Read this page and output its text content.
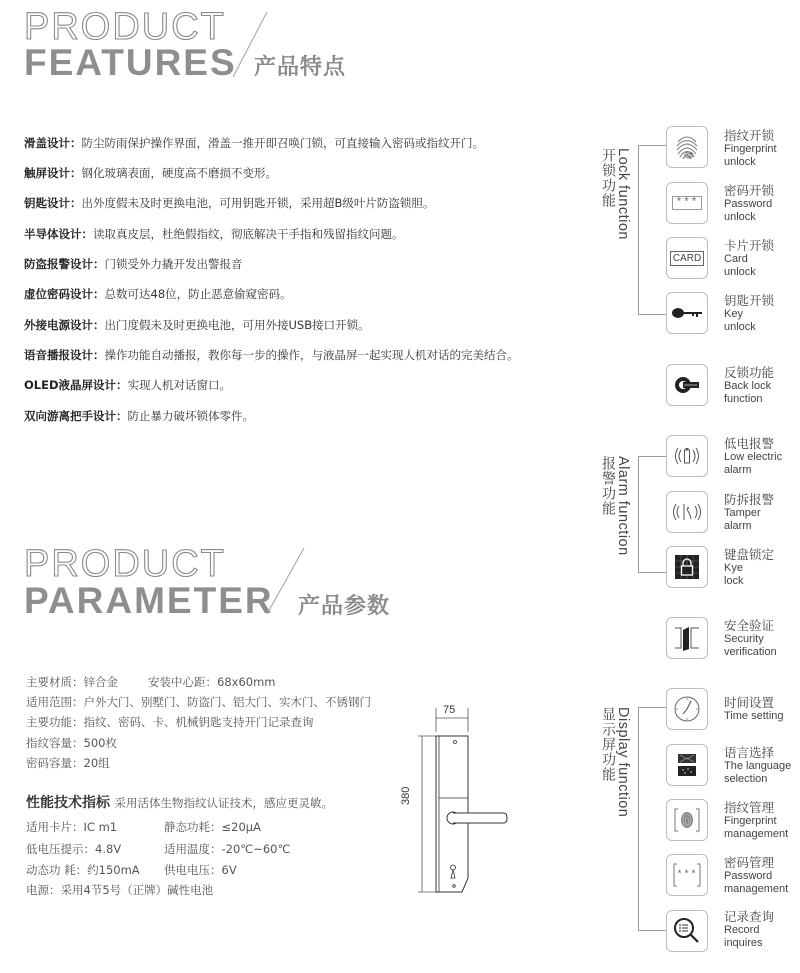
PRODUCT
FEATURES 产品特点
滑盖设计：防尘防雨保护操作界面，滑盖一推开即召唤门锁，可直接输入密码或指纹开门。
触屏设计：钢化玻璃表面，硬度高不磨损不变形。
钥匙设计：出外度假未及时更换电池，可用钥匙开锁，采用超B级叶片防盗锁胆。
半导体设计：读取真皮层，杜绝假指纹，彻底解决干手指和残留指纹问题。
防盗报警设计：门锁受外力撬开发出警报音
虚位密码设计：总数可达48位，防止恶意偷窥密码。
外接电源设计：出门度假未及时更换电池，可用外接USB接口开锁。
语音播报设计：操作功能自动播报，教你每一步的操作，与液晶屏一起实现人机对话的完美结合。
OLED液晶屏设计：实现人机对话窗口。
双向游离把手设计：防止暴力破坏锁体零件。
PRODUCT
PARAMETER 产品参数
主要材质：锌合金	安装中心距：68x60mm
适用范围：户外大门、别墅门、防盗门、铝大门、实木门、不锈钢门
主要功能：指纹、密码、卡、机械钥匙支持开门记录查询
指纹容量：500枚
密码容量：20组
性能技术指标 采用活体生物指纹认证技术，感应更灵敏。
适用卡片：IC m1	静态功耗：≤20μA
低电压提示：4.8V	适用温度：-20℃~60℃
动态功 耗：约150mA 供电电压：6V
电源：采用4节5号（正牌）碱性电池
75
380
Lock function
开锁功能
Alarm function
报警功能
Display function
显示屏功能
指纹开锁
Fingerprint
unlock
***
密码开锁
Password
unlock
CARD
卡片开锁
Card
unlock
钥匙开锁
Key
unlock
反锁功能
Back lock
function
低电报警
Low electric
alarm
防拆报警
Tamper
alarm
键盘锁定
Kye
lock
安全验证
Security
verification
时间设置
Time setting
语言选择
The language
selection
指纹管理
Fingerprint
management
***
密码管理
Password
management
记录查询
Record
inquires
